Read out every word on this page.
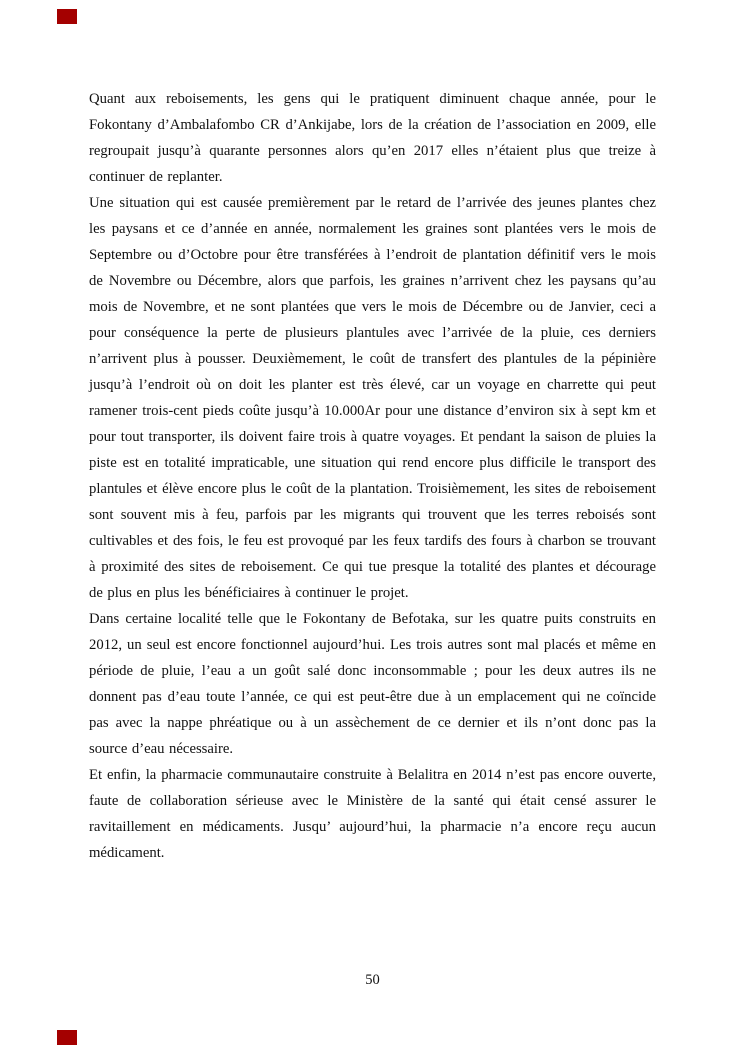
Quant aux reboisements, les gens qui le pratiquent diminuent chaque année, pour le Fokontany d’Ambalafombo CR d’Ankijabe, lors de la création de l’association en 2009, elle regroupait jusqu’à quarante personnes alors qu’en 2017 elles n’étaient plus que treize à continuer de replanter.

Une situation qui est causée premièrement par le retard de l’arrivée des jeunes plantes chez les paysans et ce d’année en année, normalement les graines sont plantées vers le mois de Septembre ou d’Octobre pour être transférées à l’endroit de plantation définitif vers le mois de Novembre ou Décembre, alors que parfois, les graines n’arrivent chez les paysans qu’au mois de Novembre, et ne sont plantées que vers le mois de Décembre ou de Janvier, ceci a pour conséquence la perte de plusieurs plantules avec l’arrivée de la pluie, ces derniers n’arrivent plus à pousser. Deuxièmement, le coût de transfert des plantules de la pépinière jusqu’à l’endroit où on doit les planter est très élevé, car un voyage en charrette qui peut ramener trois-cent pieds coûte jusqu’à 10.000Ar pour une distance d’environ six à sept km et pour tout transporter, ils doivent faire trois à quatre voyages. Et pendant la saison de pluies la piste est en totalité impraticable, une situation qui rend encore plus difficile le transport des plantules et élève encore plus le coût de la plantation. Troisièmement, les sites de reboisement sont souvent mis à feu, parfois par les migrants qui trouvent que les terres reboisés sont cultivables et des fois, le feu est provoqué par les feux tardifs des fours à charbon se trouvant à proximité des sites de reboisement. Ce qui tue presque la totalité des plantes et décourage de plus en plus les bénéficiaires à continuer le projet.

Dans certaine localité telle que le Fokontany de Befotaka, sur les quatre puits construits en 2012, un seul est encore fonctionnel aujourd’hui. Les trois autres sont mal placés et même en période de pluie, l’eau a un goût salé donc inconsommable ; pour les deux autres ils ne donnent pas d’eau toute l’année, ce qui est peut-être due à un emplacement qui ne coïncide pas avec la nappe phréatique ou à un assèchement de ce dernier et ils n’ont donc pas la source d’eau nécessaire.

Et enfin, la pharmacie communautaire construite à Belalitra en 2014 n’est pas encore ouverte, faute de collaboration sérieuse avec le Ministère de la santé qui était censé assurer le ravitaillement en médicaments. Jusqu’ aujourd’hui, la pharmacie n’a encore reçu aucun médicament.

50
